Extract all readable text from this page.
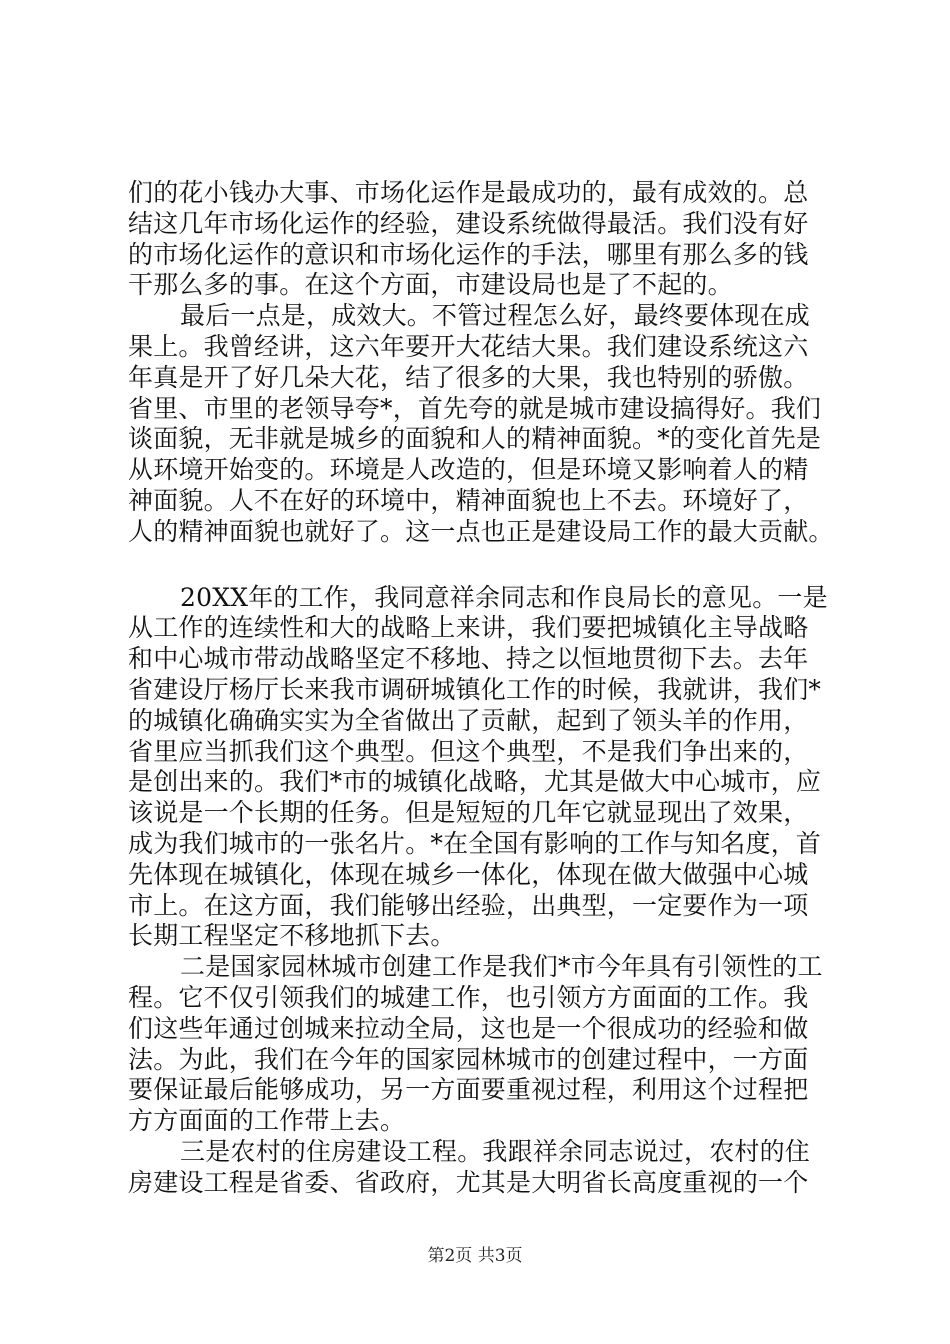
们的花小钱办大事、市场化运作是最成功的，最有成效的。总
结这几年市场化运作的经验，建设系统做得最活。我们没有好
的市场化运作的意识和市场化运作的手法，哪里有那么多的钱
干那么多的事。在这个方面，市建设局也是了不起的。
最后一点是，成效大。不管过程怎么好，最终要体现在成
果上。我曾经讲，这六年要开大花结大果。我们建设系统这六
年真是开了好几朵大花，结了很多的大果，我也特别的骄傲。
省里、市里的老领导夸*，首先夸的就是城市建设搞得好。我们
谈面貌，无非就是城乡的面貌和人的精神面貌。*的变化首先是
从环境开始变的。环境是人改造的，但是环境又影响着人的精
神面貌。人不在好的环境中，精神面貌也上不去。环境好了，
人的精神面貌也就好了。这一点也正是建设局工作的最大贡献。
20XX年的工作，我同意祥余同志和作良局长的意见。一是
从工作的连续性和大的战略上来讲，我们要把城镇化主导战略
和中心城市带动战略坚定不移地、持之以恒地贯彻下去。去年
省建设厅杨厅长来我市调研城镇化工作的时候，我就讲，我们*
的城镇化确确实实为全省做出了贡献，起到了领头羊的作用，
省里应当抓我们这个典型。但这个典型，不是我们争出来的，
是创出来的。我们*市的城镇化战略，尤其是做大中心城市，应
该说是一个长期的任务。但是短短的几年它就显现出了效果，
成为我们城市的一张名片。*在全国有影响的工作与知名度，首
先体现在城镇化，体现在城乡一体化，体现在做大做强中心城
市上。在这方面，我们能够出经验，出典型，一定要作为一项
长期工程坚定不移地抓下去。
二是国家园林城市创建工作是我们*市今年具有引领性的工
程。它不仅引领我们的城建工作，也引领方方面面的工作。我
们这些年通过创城来拉动全局，这也是一个很成功的经验和做
法。为此，我们在今年的国家园林城市的创建过程中，一方面
要保证最后能够成功，另一方面要重视过程，利用这个过程把
方方面面的工作带上去。
三是农村的住房建设工程。我跟祥余同志说过，农村的住
房建设工程是省委、省政府，尤其是大明省长高度重视的一个
第2页 共3页
